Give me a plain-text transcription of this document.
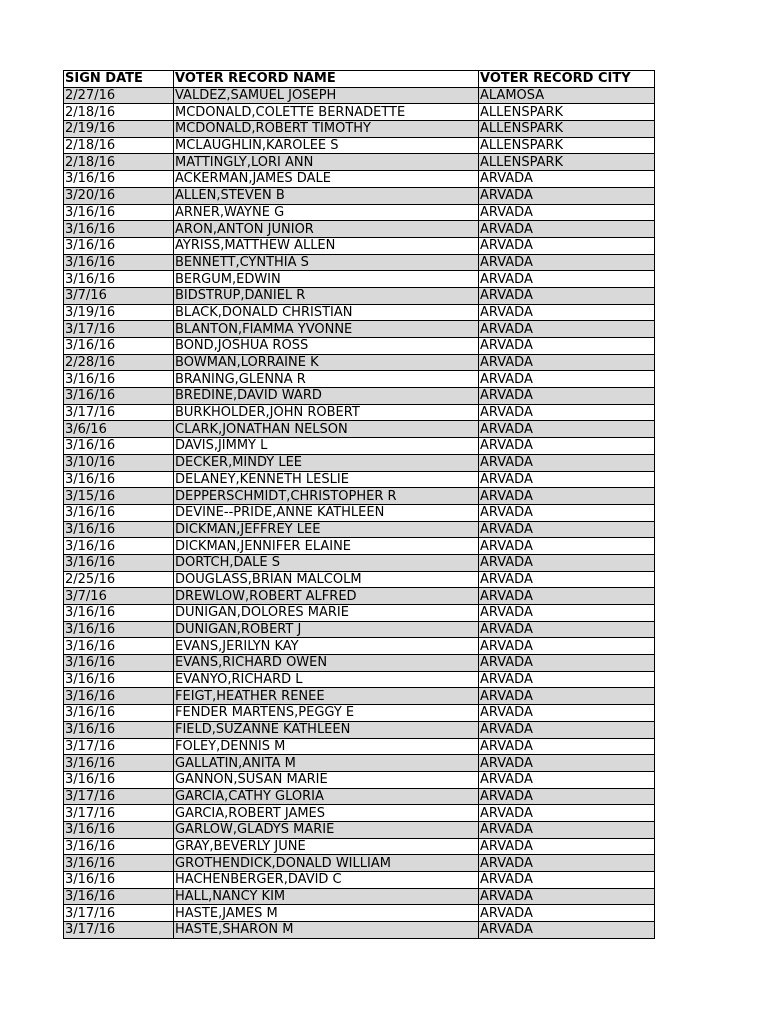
SIGN DATE	VOTER RECORD NAME	VOTER RECORD CITY
2/27/16	VALDEZ,SAMUEL JOSEPH	ALAMOSA
2/18/16	MCDONALD,COLETTE BERNADETTE	ALLENSPARK
2/19/16	MCDONALD,ROBERT TIMOTHY	ALLENSPARK
2/18/16	MCLAUGHLIN,KAROLEE S	ALLENSPARK
2/18/16	MATTINGLY,LORI ANN	ALLENSPARK
3/16/16	ACKERMAN,JAMES DALE	ARVADA
3/20/16	ALLEN,STEVEN B	ARVADA
3/16/16	ARNER,WAYNE G	ARVADA
3/16/16	ARON,ANTON JUNIOR	ARVADA
3/16/16	AYRISS,MATTHEW ALLEN	ARVADA
3/16/16	BENNETT,CYNTHIA S	ARVADA
3/16/16	BERGUM,EDWIN	ARVADA
3/7/16	BIDSTRUP,DANIEL R	ARVADA
3/19/16	BLACK,DONALD CHRISTIAN	ARVADA
3/17/16	BLANTON,FIAMMA YVONNE	ARVADA
3/16/16	BOND,JOSHUA ROSS	ARVADA
2/28/16	BOWMAN,LORRAINE K	ARVADA
3/16/16	BRANING,GLENNA R	ARVADA
3/16/16	BREDINE,DAVID WARD	ARVADA
3/17/16	BURKHOLDER,JOHN ROBERT	ARVADA
3/6/16	CLARK,JONATHAN NELSON	ARVADA
3/16/16	DAVIS,JIMMY L	ARVADA
3/10/16	DECKER,MINDY LEE	ARVADA
3/16/16	DELANEY,KENNETH LESLIE	ARVADA
3/15/16	DEPPERSCHMIDT,CHRISTOPHER R	ARVADA
3/16/16	DEVINE--PRIDE,ANNE KATHLEEN	ARVADA
3/16/16	DICKMAN,JEFFREY LEE	ARVADA
3/16/16	DICKMAN,JENNIFER ELAINE	ARVADA
3/16/16	DORTCH,DALE S	ARVADA
2/25/16	DOUGLASS,BRIAN MALCOLM	ARVADA
3/7/16	DREWLOW,ROBERT ALFRED	ARVADA
3/16/16	DUNIGAN,DOLORES MARIE	ARVADA
3/16/16	DUNIGAN,ROBERT J	ARVADA
3/16/16	EVANS,JERILYN KAY	ARVADA
3/16/16	EVANS,RICHARD OWEN	ARVADA
3/16/16	EVANYO,RICHARD L	ARVADA
3/16/16	FEIGT,HEATHER RENEE	ARVADA
3/16/16	FENDER MARTENS,PEGGY E	ARVADA
3/16/16	FIELD,SUZANNE KATHLEEN	ARVADA
3/17/16	FOLEY,DENNIS M	ARVADA
3/16/16	GALLATIN,ANITA M	ARVADA
3/16/16	GANNON,SUSAN MARIE	ARVADA
3/17/16	GARCIA,CATHY GLORIA	ARVADA
3/17/16	GARCIA,ROBERT JAMES	ARVADA
3/16/16	GARLOW,GLADYS MARIE	ARVADA
3/16/16	GRAY,BEVERLY JUNE	ARVADA
3/16/16	GROTHENDICK,DONALD WILLIAM	ARVADA
3/16/16	HACHENBERGER,DAVID C	ARVADA
3/16/16	HALL,NANCY KIM	ARVADA
3/17/16	HASTE,JAMES M	ARVADA
3/17/16	HASTE,SHARON M	ARVADA
